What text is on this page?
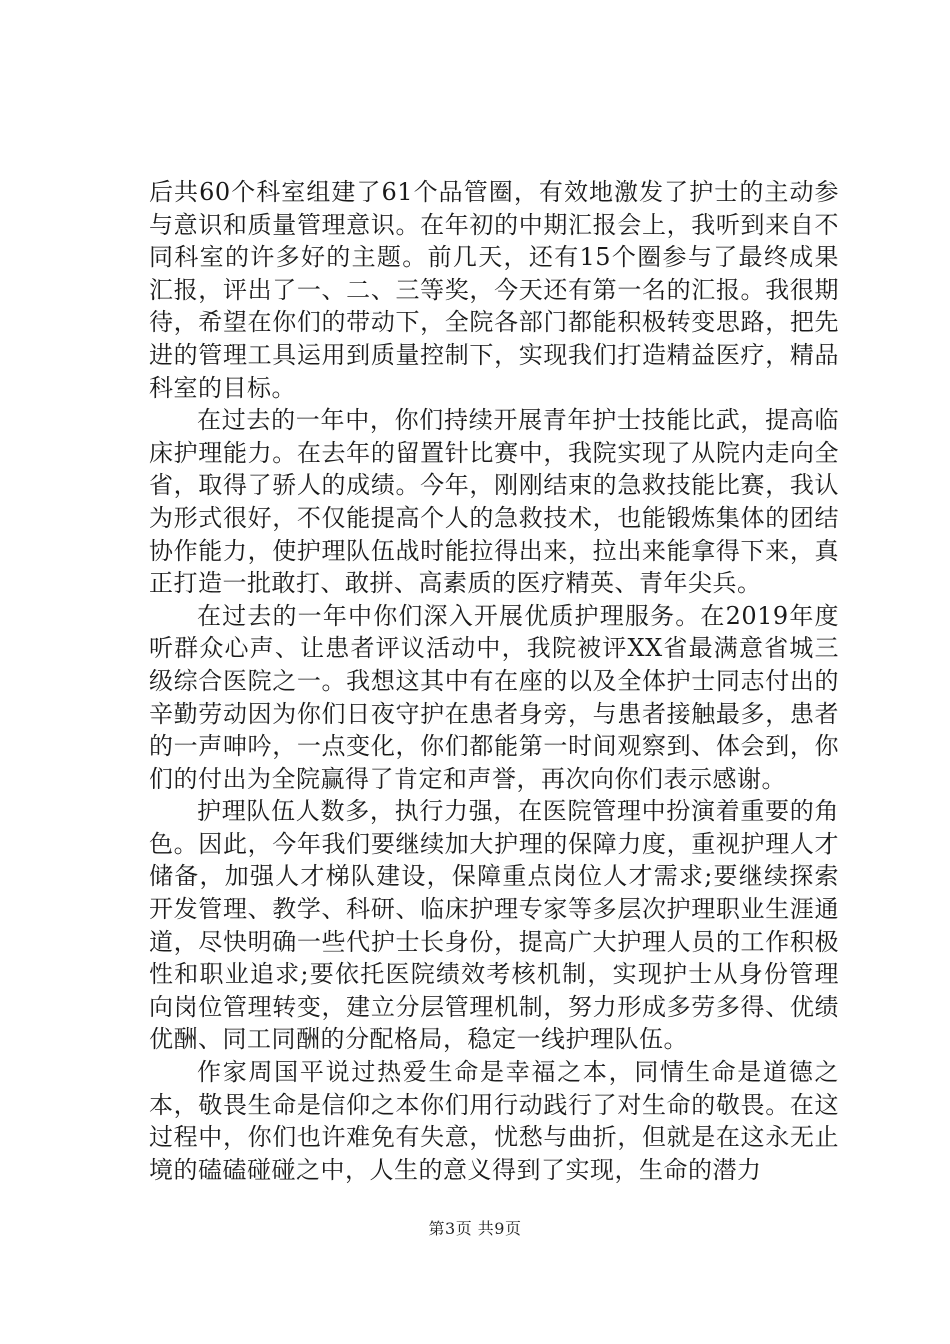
后共60个科室组建了61个品管圈，有效地激发了护士的主动参与意识和质量管理意识。在年初的中期汇报会上，我听到来自不同科室的许多好的主题。前几天，还有15个圈参与了最终成果汇报，评出了一、二、三等奖，今天还有第一名的汇报。我很期待，希望在你们的带动下，全院各部门都能积极转变思路，把先进的管理工具运用到质量控制下，实现我们打造精益医疗，精品科室的目标。

在过去的一年中，你们持续开展青年护士技能比武，提高临床护理能力。在去年的留置针比赛中，我院实现了从院内走向全省，取得了骄人的成绩。今年，刚刚结束的急救技能比赛，我认为形式很好，不仅能提高个人的急救技术，也能锻炼集体的团结协作能力，使护理队伍战时能拉得出来，拉出来能拿得下来，真正打造一批敢打、敢拼、高素质的医疗精英、青年尖兵。

在过去的一年中你们深入开展优质护理服务。在2019年度听群众心声、让患者评议活动中，我院被评XX省最满意省城三级综合医院之一。我想这其中有在座的以及全体护士同志付出的辛勤劳动因为你们日夜守护在患者身旁，与患者接触最多，患者的一声呻吟，一点变化，你们都能第一时间观察到、体会到，你们的付出为全院赢得了肯定和声誉，再次向你们表示感谢。

护理队伍人数多，执行力强，在医院管理中扮演着重要的角色。因此，今年我们要继续加大护理的保障力度，重视护理人才储备，加强人才梯队建设，保障重点岗位人才需求;要继续探索开发管理、教学、科研、临床护理专家等多层次护理职业生涯通道，尽快明确一些代护士长身份，提高广大护理人员的工作积极性和职业追求;要依托医院绩效考核机制，实现护士从身份管理向岗位管理转变，建立分层管理机制，努力形成多劳多得、优绩优酬、同工同酬的分配格局，稳定一线护理队伍。

作家周国平说过热爱生命是幸福之本，同情生命是道德之本，敬畏生命是信仰之本你们用行动践行了对生命的敬畏。在这过程中，你们也许难免有失意，忧愁与曲折，但就是在这永无止境的磕磕碰碰之中，人生的意义得到了实现，生命的潜力

第3页 共9页
